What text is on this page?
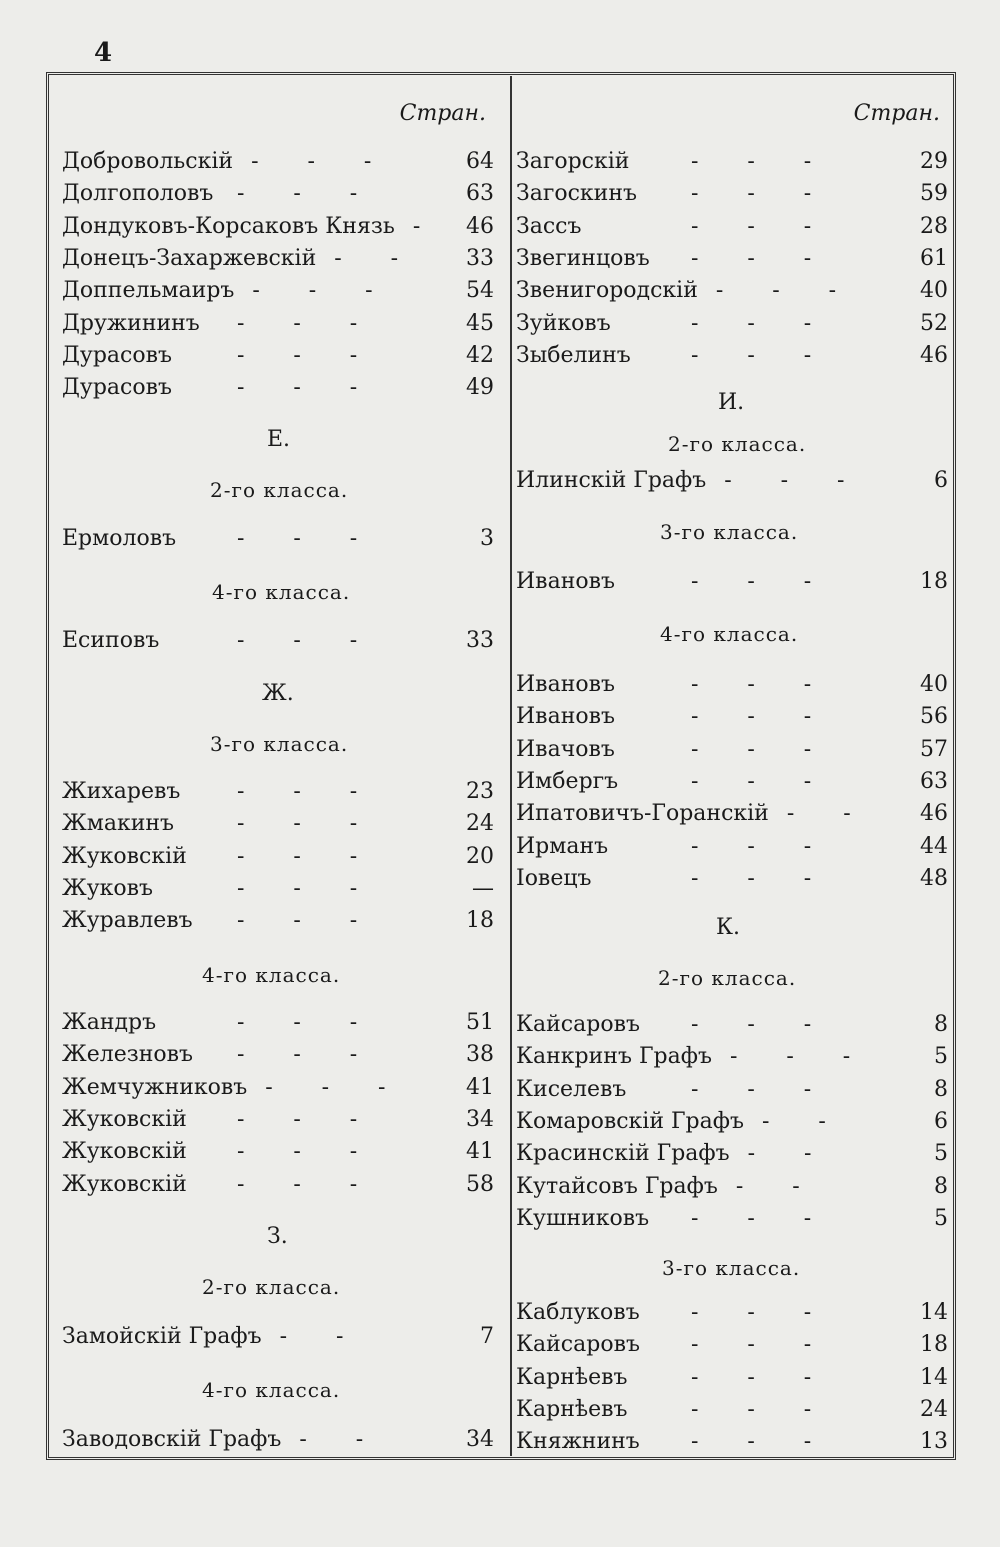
4
Стран.
Е.
2-го класса.
4-го класса.
Ж.
3-го класса.
4-го класса.
З.
2-го класса.
4-го класса.
Добровольскій -       -       -	64
Долгополовъ -       -       -	63
Дондуковъ-Корсаковъ Князь - 46
Донецъ-Захаржевскій -       -	33
Доппельмаиръ -       -       -	54
Дружининъ -       -       -	45
Дурасовъ	-       -       -	42
Дурасовъ	-       -       -	49
Жихаревъ	-       -       -	23
Жмакинъ	-       -       -	24
Жуковскій -       -       -	20
Жуковъ	-       -       -	—
Журавлевъ -       -       -	18
Жандръ	-       -       -	51
Железновъ -       -       -	38
Жемчужниковъ -       -       -	41
Жуковскій -       -       -	34
Жуковскій -       -       -	41
Жуковскій -       -       -	58
Ермоловъ	-       -       -	3
Есиповъ	-       -       -	33
Замойскій Графъ -       -	7
Заводовскій Графъ -       -	34
Стран.
И.
2-го класса.
3-го класса.
4-го класса.
К.
2-го класса.
3-го класса.
Загорскій	-       -       -	29
Загоскинъ -       -       -	59
Зассъ	-       -       -	28
Звегинцовъ -       -       -	61
Звенигородскій -       -       -	40
Зуйковъ	-       -       -	52
Зыбелинъ	-       -       -	46
Ивановъ	-       -       -	40
Ивановъ	-       -       -	56
Ивачовъ	-       -       -	57
Имбергъ	-       -       -	63
Ипатовичъ-Горанскій -       -	46
Ирманъ	-       -       -	44
Іовецъ	-       -       -	48
Кайсаровъ -       -       -	8
Канкринъ Графъ -       -       -	5
Киселевъ	-       -       -	8
Комаровскій Графъ -       -	6
Красинскій Графъ -       -	5
Кутайсовъ Графъ -       -	8
Кушниковъ -       -       -	5
Каблуковъ -       -       -	14
Кайсаровъ -       -       -	18
Карнѣевъ	-       -       -	14
Карнѣевъ	-       -       -	24
Княжнинъ -       -       -	13
Илинскій Графъ -       -       -	6
Ивановъ	-       -       -	18
